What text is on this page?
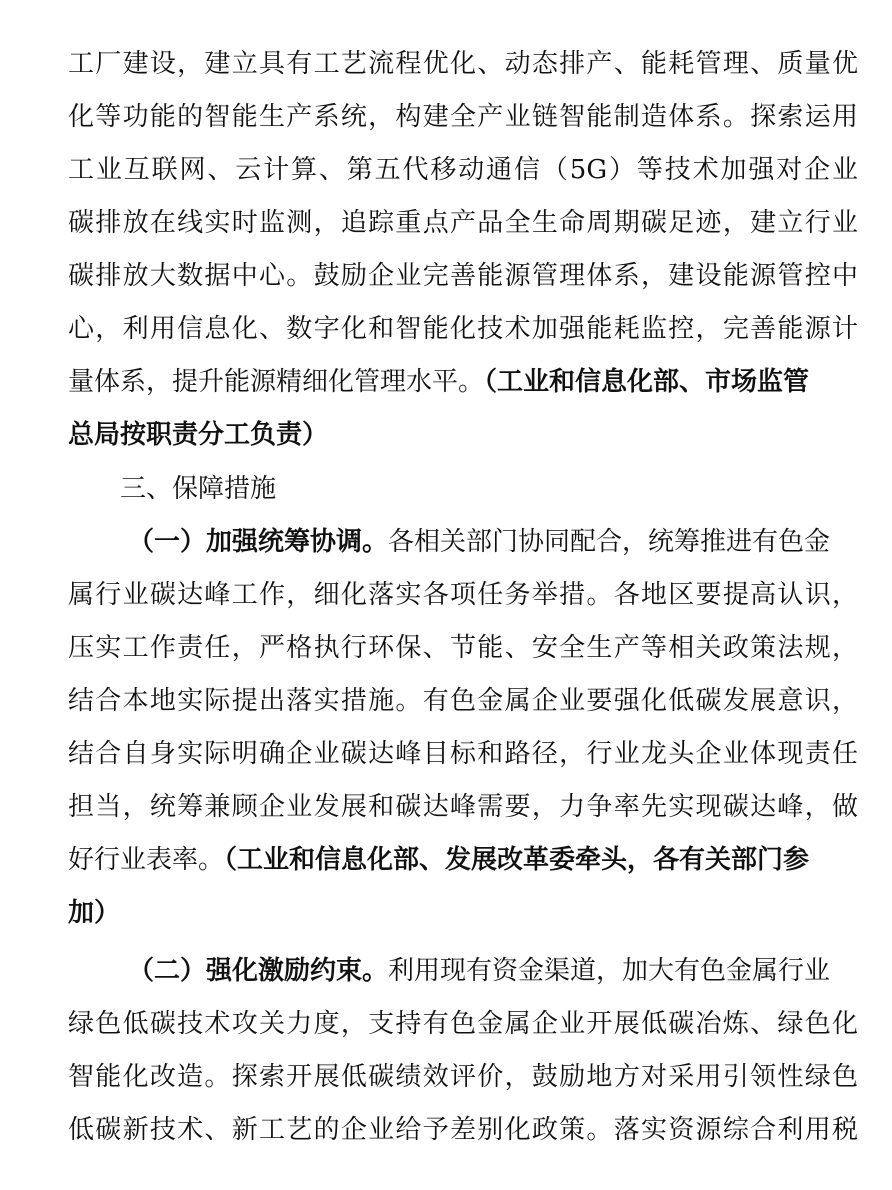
工厂建设，建立具有工艺流程优化、动态排产、能耗管理、质量优
化等功能的智能生产系统，构建全产业链智能制造体系。探索运用
工业互联网、云计算、第五代移动通信（5G）等技术加强对企业
碳排放在线实时监测，追踪重点产品全生命周期碳足迹，建立行业
碳排放大数据中心。鼓励企业完善能源管理体系，建设能源管控中
心，利用信息化、数字化和智能化技术加强能耗监控，完善能源计
量体系，提升能源精细化管理水平。（工业和信息化部、市场监管
总局按职责分工负责）
三、保障措施
（一）加强统筹协调。各相关部门协同配合，统筹推进有色金
属行业碳达峰工作，细化落实各项任务举措。各地区要提高认识，
压实工作责任，严格执行环保、节能、安全生产等相关政策法规，
结合本地实际提出落实措施。有色金属企业要强化低碳发展意识，
结合自身实际明确企业碳达峰目标和路径，行业龙头企业体现责任
担当，统筹兼顾企业发展和碳达峰需要，力争率先实现碳达峰，做
好行业表率。（工业和信息化部、发展改革委牵头，各有关部门参
加）
（二）强化激励约束。利用现有资金渠道，加大有色金属行业
绿色低碳技术攻关力度，支持有色金属企业开展低碳冶炼、绿色化
智能化改造。探索开展低碳绩效评价，鼓励地方对采用引领性绿色
低碳新技术、新工艺的企业给予差别化政策。落实资源综合利用税
